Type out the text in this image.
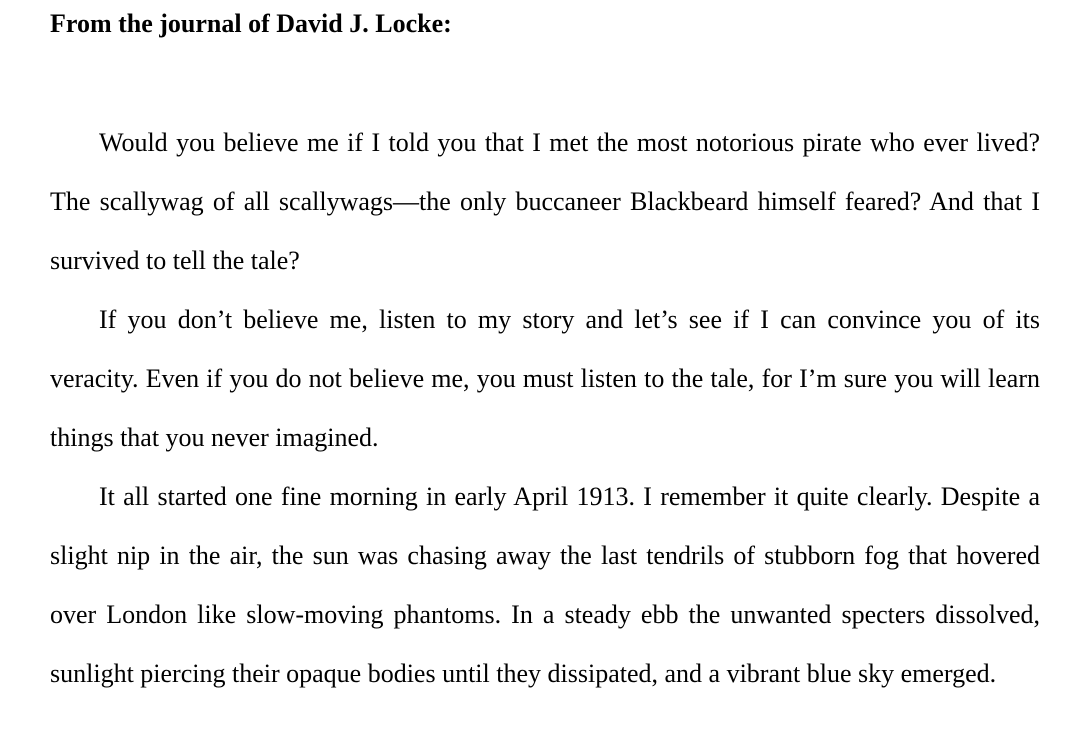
From the journal of David J. Locke:

Would you believe me if I told you that I met the most notorious pirate who ever lived? The scallywag of all scallywags—the only buccaneer Blackbeard himself feared? And that I survived to tell the tale?

If you don’t believe me, listen to my story and let’s see if I can convince you of its veracity. Even if you do not believe me, you must listen to the tale, for I’m sure you will learn things that you never imagined.

It all started one fine morning in early April 1913. I remember it quite clearly. Despite a slight nip in the air, the sun was chasing away the last tendrils of stubborn fog that hovered over London like slow-moving phantoms. In a steady ebb the unwanted specters dissolved, sunlight piercing their opaque bodies until they dissipated, and a vibrant blue sky emerged.
